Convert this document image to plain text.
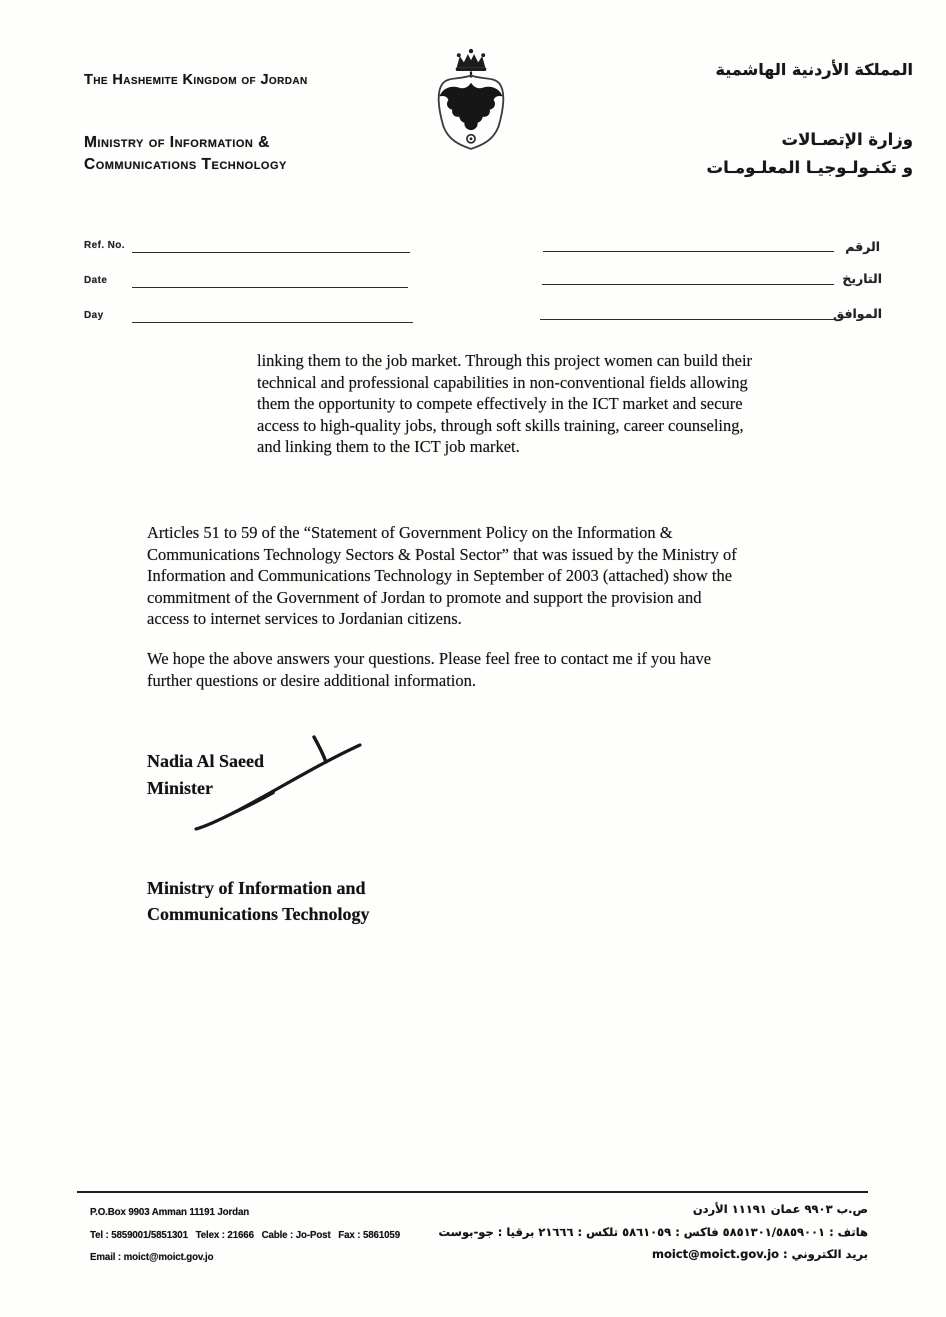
The Hashemite Kingdom of Jordan
Ministry of Information &
Communications Technology
المملكة الأردنية الهاشمية
وزارة الإتصـالات
و تكنـولـوجيـا المعلـومـات
Ref. No.	الرقم
Date	التاريخ
Day	الموافق
linking them to the job market. Through this project women can build their
technical and professional capabilities in non-conventional fields allowing
them the opportunity to compete effectively in the ICT market and secure
access to high-quality jobs, through soft skills training, career counseling,
and linking them to the ICT job market.
Articles 51 to 59 of the “Statement of Government Policy on the Information &
Communications Technology Sectors & Postal Sector” that was issued by the Ministry of
Information and Communications Technology in September of 2003 (attached) show the
commitment of the Government of Jordan to promote and support the provision and
access to internet services to Jordanian citizens.
We hope the above answers your questions. Please feel free to contact me if you have
further questions or desire additional information.
Nadia Al Saeed
Minister
Ministry of Information and
Communications Technology
P.O.Box 9903 Amman 11191 Jordan
Tel : 5859001/5851301   Telex : 21666   Cable : Jo-Post   Fax : 5861059
Email : moict@moict.gov.jo
ص.ب ٩٩٠٣ عمان ١١١٩١ الأردن
هاتف : ٥٨٥١٣٠١/٥٨٥٩٠٠١ فاكس : ٥٨٦١٠٥٩ تلكس : ٢١٦٦٦ برقيا : جو-بوست
بريد الكتروني : moict@moict.gov.jo
